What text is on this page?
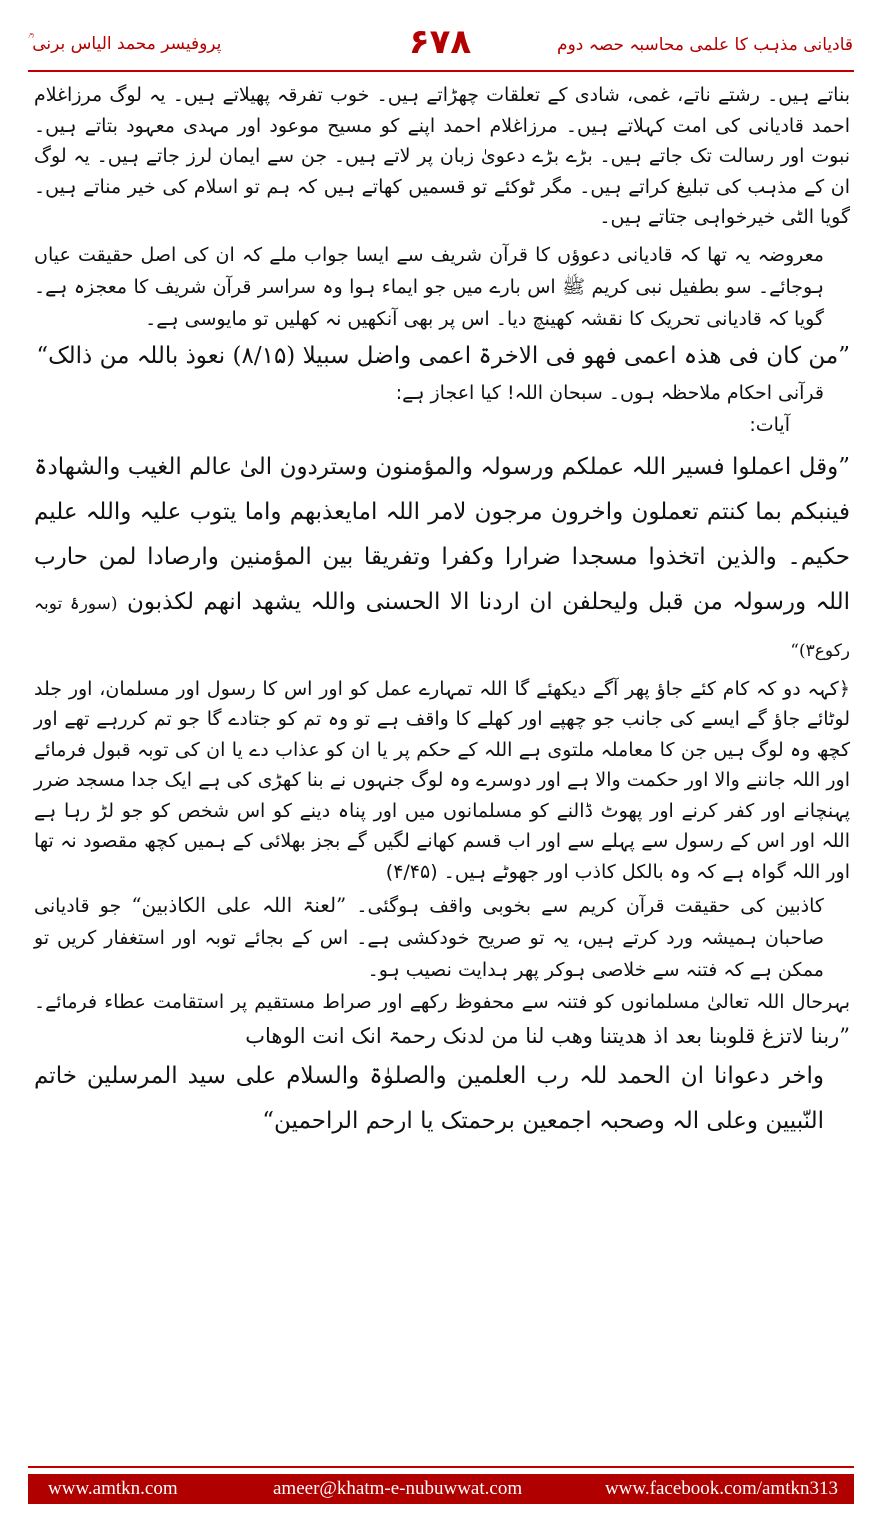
پروفیسر محمد الیاس برنی ؒ	۶۷۸	قادیانی مذہب کا علمی محاسبہ حصہ دوم

بناتے ہیں۔ رشتے ناتے، غمی، شادی کے تعلقات چھڑاتے ہیں۔ خوب تفرقہ پھیلاتے ہیں۔ یہ لوگ مرزاغلام احمد قادیانی کی امت کہلاتے ہیں۔ مرزاغلام احمد اپنے کو مسیح موعود اور مہدی معہود بتاتے ہیں۔ نبوت اور رسالت تک جاتے ہیں۔ بڑے بڑے دعویٰ زبان پر لاتے ہیں۔ جن سے ایمان لرز جاتے ہیں۔ یہ لوگ ان کے مذہب کی تبلیغ کراتے ہیں۔ مگر ٹوکئے تو قسمیں کھاتے ہیں کہ ہم تو اسلام کی خیر مناتے ہیں۔ گویا الٹی خیرخواہی جتاتے ہیں۔

معروضہ یہ تھا کہ قادیانی دعوؤں کا قرآن شریف سے ایسا جواب ملے کہ ان کی اصل حقیقت عیاں ہوجائے۔ سو بطفیل نبی کریم ﷺ اس بارے میں جو ایماء ہوا وہ سراسر قرآن شریف کا معجزہ ہے۔ گویا کہ قادیانی تحریک کا نقشہ کھینچ دیا۔ اس پر بھی آنکھیں نہ کھلیں تو مایوسی ہے۔

”من کان فی ھذہ اعمی فھو فی الاخرۃ اعمی واضل سبیلا (۸/۱۵) نعوذ باللہ من ذالک“

قرآنی احکام ملاحظہ ہوں۔ سبحان اللہ! کیا اعجاز ہے:

آیات:

”وقل اعملوا فسیر اللہ عملکم ورسولہ والمؤمنون وستردون الیٰ عالم الغیب والشھادۃ فینبکم بما کنتم تعملون واخرون مرجون لامر اللہ امایعذبھم واما یتوب علیہ واللہ علیم حکیم۔ والذین اتخذوا مسجدا ضرارا وکفرا وتفریقا بین المؤمنین وارصادا لمن حارب اللہ ورسولہ من قبل ولیحلفن ان اردنا الا الحسنی واللہ یشھد انھم لکذبون (سورۂ توبہ رکوع۳)“

﴿کہہ دو کہ کام کئے جاؤ پھر آگے دیکھئے گا اللہ تمہارے عمل کو اور اس کا رسول اور مسلمان، اور جلد لوٹائے جاؤ گے ایسے کی جانب جو چھپے اور کھلے کا واقف ہے تو وہ تم کو جتادے گا جو تم کررہے تھے اور کچھ وہ لوگ ہیں جن کا معاملہ ملتوی ہے اللہ کے حکم پر یا ان کو عذاب دے یا ان کی توبہ قبول فرمائے اور اللہ جاننے والا اور حکمت والا ہے اور دوسرے وہ لوگ جنہوں نے بنا کھڑی کی ہے ایک جدا مسجد ضرر پہنچانے اور کفر کرنے اور پھوٹ ڈالنے کو مسلمانوں میں اور پناہ دینے کو اس شخص کو جو لڑ رہا ہے اللہ اور اس کے رسول سے پہلے سے اور اب قسم کھانے لگیں گے بجز بھلائی کے ہمیں کچھ مقصود نہ تھا اور اللہ گواہ ہے کہ وہ بالکل کاذب اور جھوٹے ہیں۔ (۴/۴۵)

کاذبین کی حقیقت قرآن کریم سے بخوبی واقف ہوگئی۔ ”لعنۃ اللہ علی الکاذبین“ جو قادیانی صاحبان ہمیشہ ورد کرتے ہیں، یہ تو صریح خودکشی ہے۔ اس کے بجائے توبہ اور استغفار کریں تو ممکن ہے کہ فتنہ سے خلاصی ہوکر پھر ہدایت نصیب ہو۔

بہرحال اللہ تعالیٰ مسلمانوں کو فتنہ سے محفوظ رکھے اور صراط مستقیم پر استقامت عطاء فرمائے۔ ”ربنا لاتزغ قلوبنا بعد اذ ھدیتنا وھب لنا من لدنک رحمۃ انک انت الوھاب

واخر دعوانا ان الحمد للہ رب العلمین والصلوٰۃ والسلام علی سید المرسلین خاتم النّبیین وعلی الہ وصحبہ اجمعین برحمتک یا ارحم الراحمین“

www.amtkn.com	ameer@khatm-e-nubuwwat.com	www.facebook.com/amtkn313
